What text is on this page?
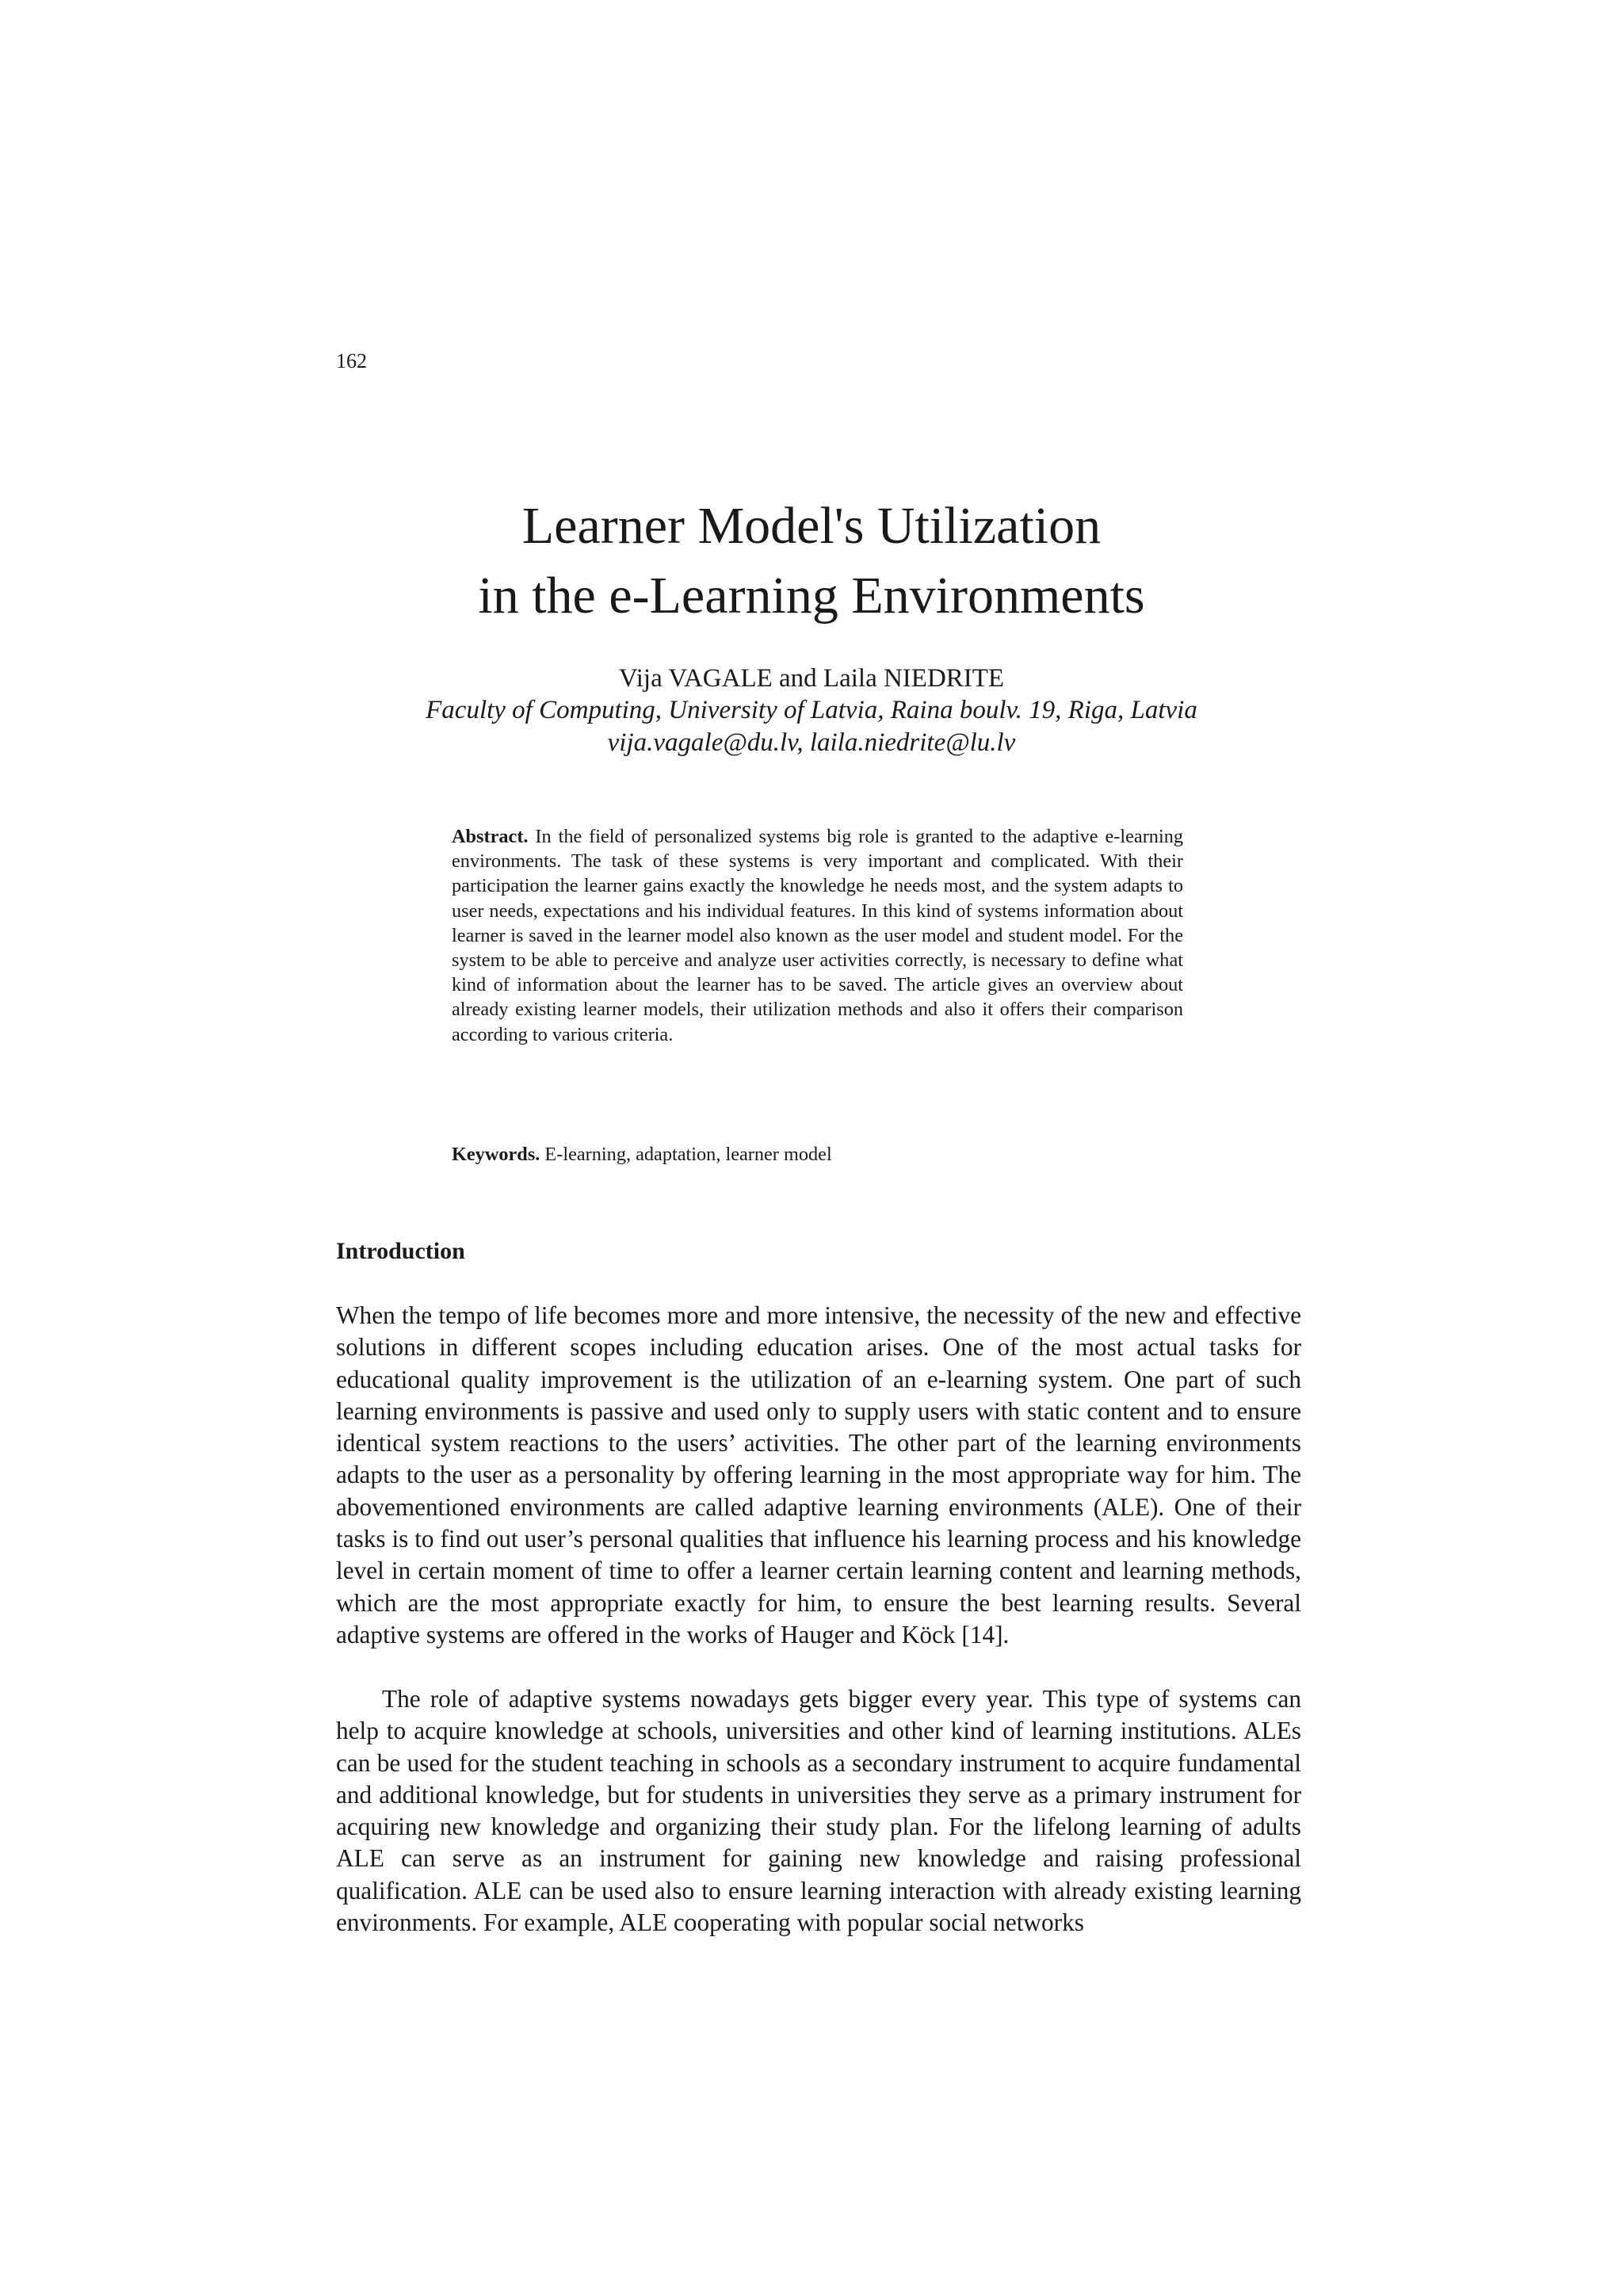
162
Learner Model's Utilization
in the e-Learning Environments
Vija VAGALE and Laila NIEDRITE
Faculty of Computing, University of Latvia, Raina boulv. 19, Riga, Latvia
vija.vagale@du.lv, laila.niedrite@lu.lv

Abstract. In the field of personalized systems big role is granted to the adaptive e-learning environments. The task of these systems is very important and complicated. With their participation the learner gains exactly the knowledge he needs most, and the system adapts to user needs, expectations and his individual features. In this kind of systems information about learner is saved in the learner model also known as the user model and student model. For the system to be able to perceive and analyze user activities correctly, is necessary to define what kind of information about the learner has to be saved. The article gives an overview about already existing learner models, their utilization methods and also it offers their comparison according to various criteria.

Keywords. E-learning, adaptation, learner model

Introduction

When the tempo of life becomes more and more intensive, the necessity of the new and effective solutions in different scopes including education arises. One of the most actual tasks for educational quality improvement is the utilization of an e-learning system. One part of such learning environments is passive and used only to supply users with static content and to ensure identical system reactions to the users’ activities. The other part of the learning environments adapts to the user as a personality by offering learning in the most appropriate way for him. The abovementioned environments are called adaptive learning environments (ALE). One of their tasks is to find out user’s personal qualities that influence his learning process and his knowledge level in certain moment of time to offer a learner certain learning content and learning methods, which are the most appropriate exactly for him, to ensure the best learning results. Several adaptive systems are offered in the works of Hauger and Köck [14].

The role of adaptive systems nowadays gets bigger every year. This type of systems can help to acquire knowledge at schools, universities and other kind of learning institutions. ALEs can be used for the student teaching in schools as a secondary instrument to acquire fundamental and additional knowledge, but for students in universities they serve as a primary instrument for acquiring new knowledge and organizing their study plan. For the lifelong learning of adults ALE can serve as an instrument for gaining new knowledge and raising professional qualification. ALE can be used also to ensure learning interaction with already existing learning environments. For example, ALE cooperating with popular social networks
